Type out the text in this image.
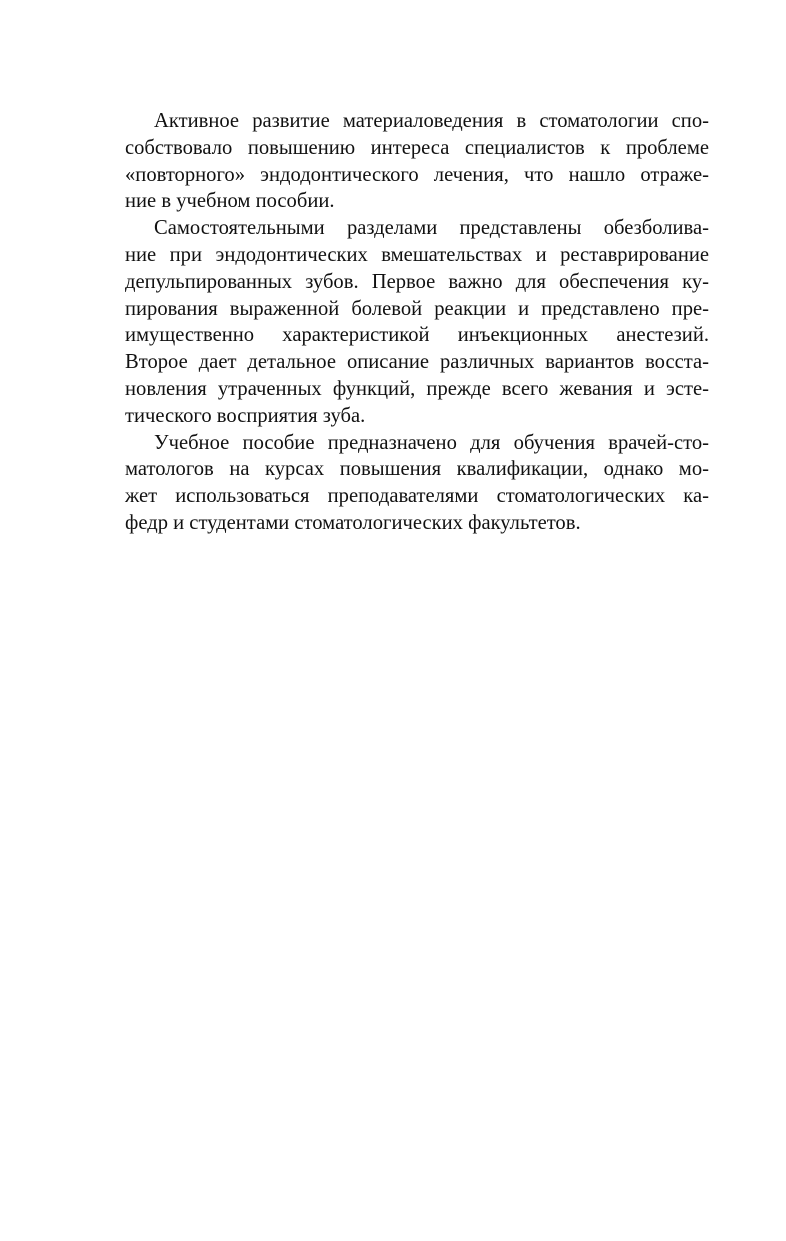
Активное развитие материаловедения в стоматологии спо-
собствовало повышению интереса специалистов к проблеме
«повторного» эндодонтического лечения, что нашло отраже-
ние в учебном пособии.
Самостоятельными разделами представлены обезболива-
ние при эндодонтических вмешательствах и реставрирование
депульпированных зубов. Первое важно для обеспечения ку-
пирования выраженной болевой реакции и представлено пре-
имущественно характеристикой инъекционных анестезий.
Второе дает детальное описание различных вариантов восста-
новления утраченных функций, прежде всего жевания и эсте-
тического восприятия зуба.
Учебное пособие предназначено для обучения врачей-сто-
матологов на курсах повышения квалификации, однако мо-
жет использоваться преподавателями стоматологических ка-
федр и студентами стоматологических факультетов.
